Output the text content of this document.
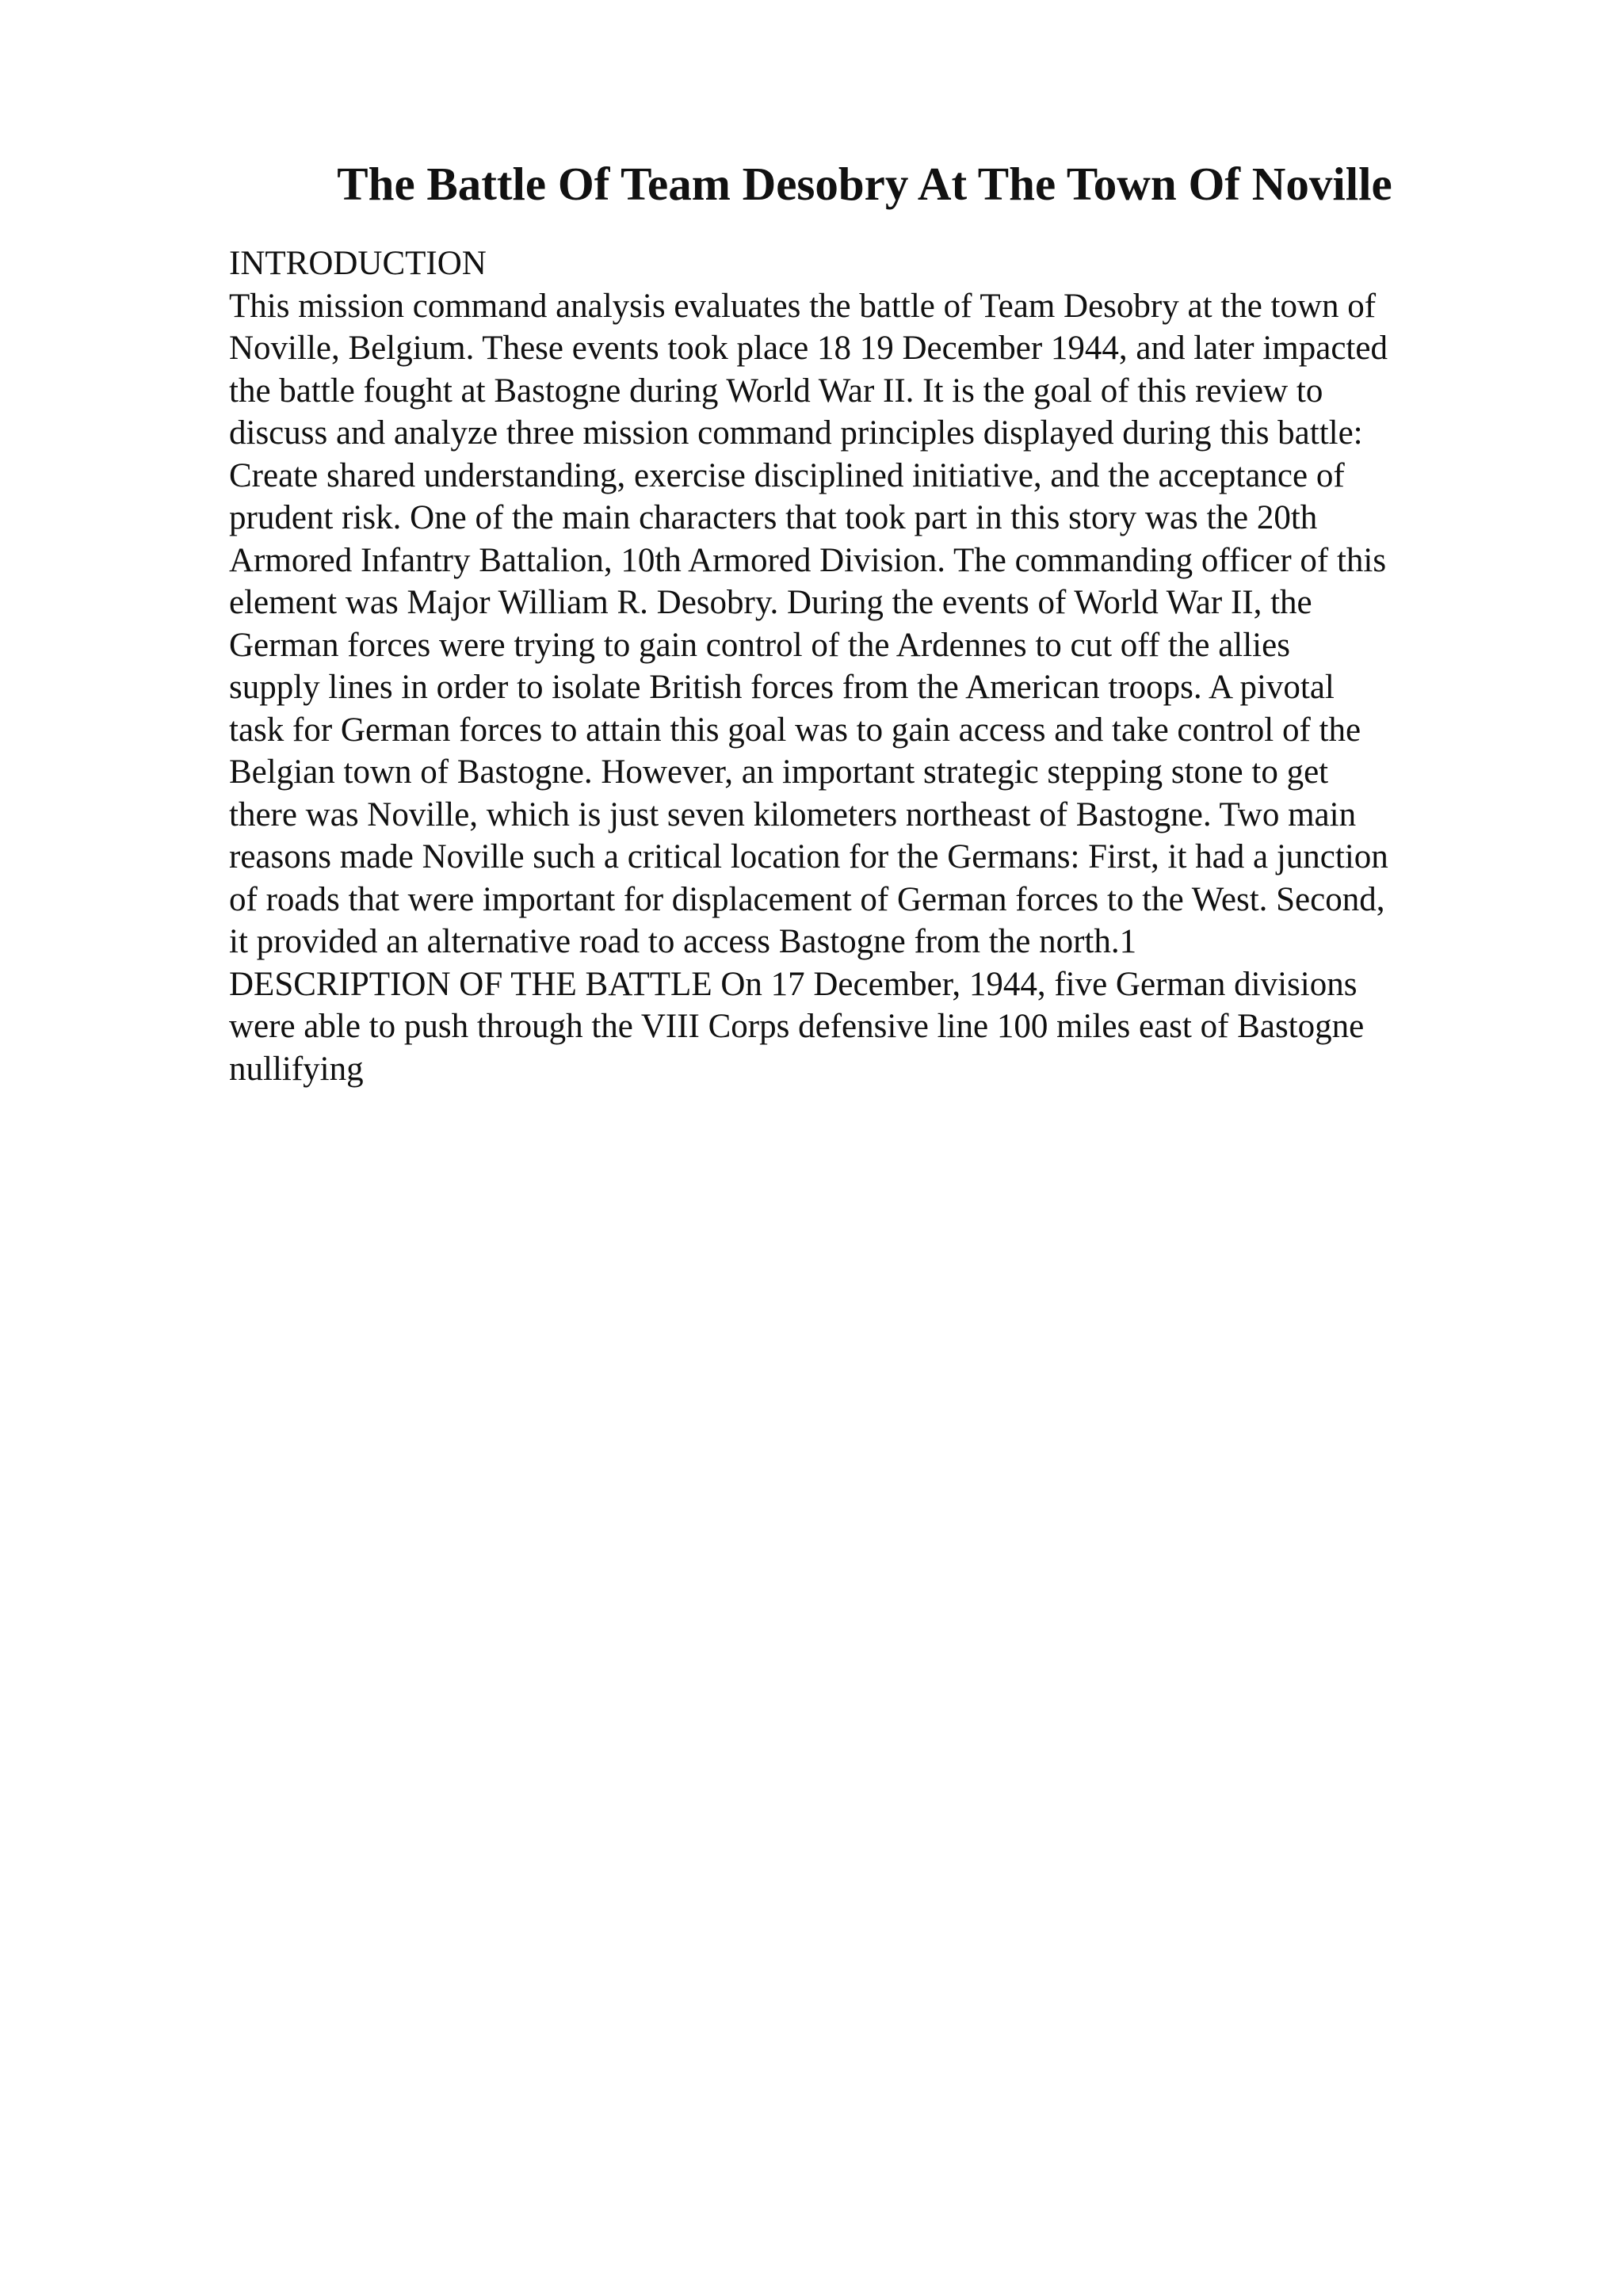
The Battle Of Team Desobry At The Town Of Noville
INTRODUCTION
This mission command analysis evaluates the battle of Team Desobry at the town of
Noville, Belgium. These events took place 18 19 December 1944, and later impacted
the battle fought at Bastogne during World War II. It is the goal of this review to
discuss and analyze three mission command principles displayed during this battle:
Create shared understanding, exercise disciplined initiative, and the acceptance of
prudent risk. One of the main characters that took part in this story was the 20th
Armored Infantry Battalion, 10th Armored Division. The commanding officer of this
element was Major William R. Desobry. During the events of World War II, the
German forces were trying to gain control of the Ardennes to cut off the allies
supply lines in order to isolate British forces from the American troops. A pivotal
task for German forces to attain this goal was to gain access and take control of the
Belgian town of Bastogne. However, an important strategic stepping stone to get
there was Noville, which is just seven kilometers northeast of Bastogne. Two main
reasons made Noville such a critical location for the Germans: First, it had a junction
of roads that were important for displacement of German forces to the West. Second,
it provided an alternative road to access Bastogne from the north.1
DESCRIPTION OF THE BATTLE On 17 December, 1944, five German divisions
were able to push through the VIII Corps defensive line 100 miles east of Bastogne
nullifying
